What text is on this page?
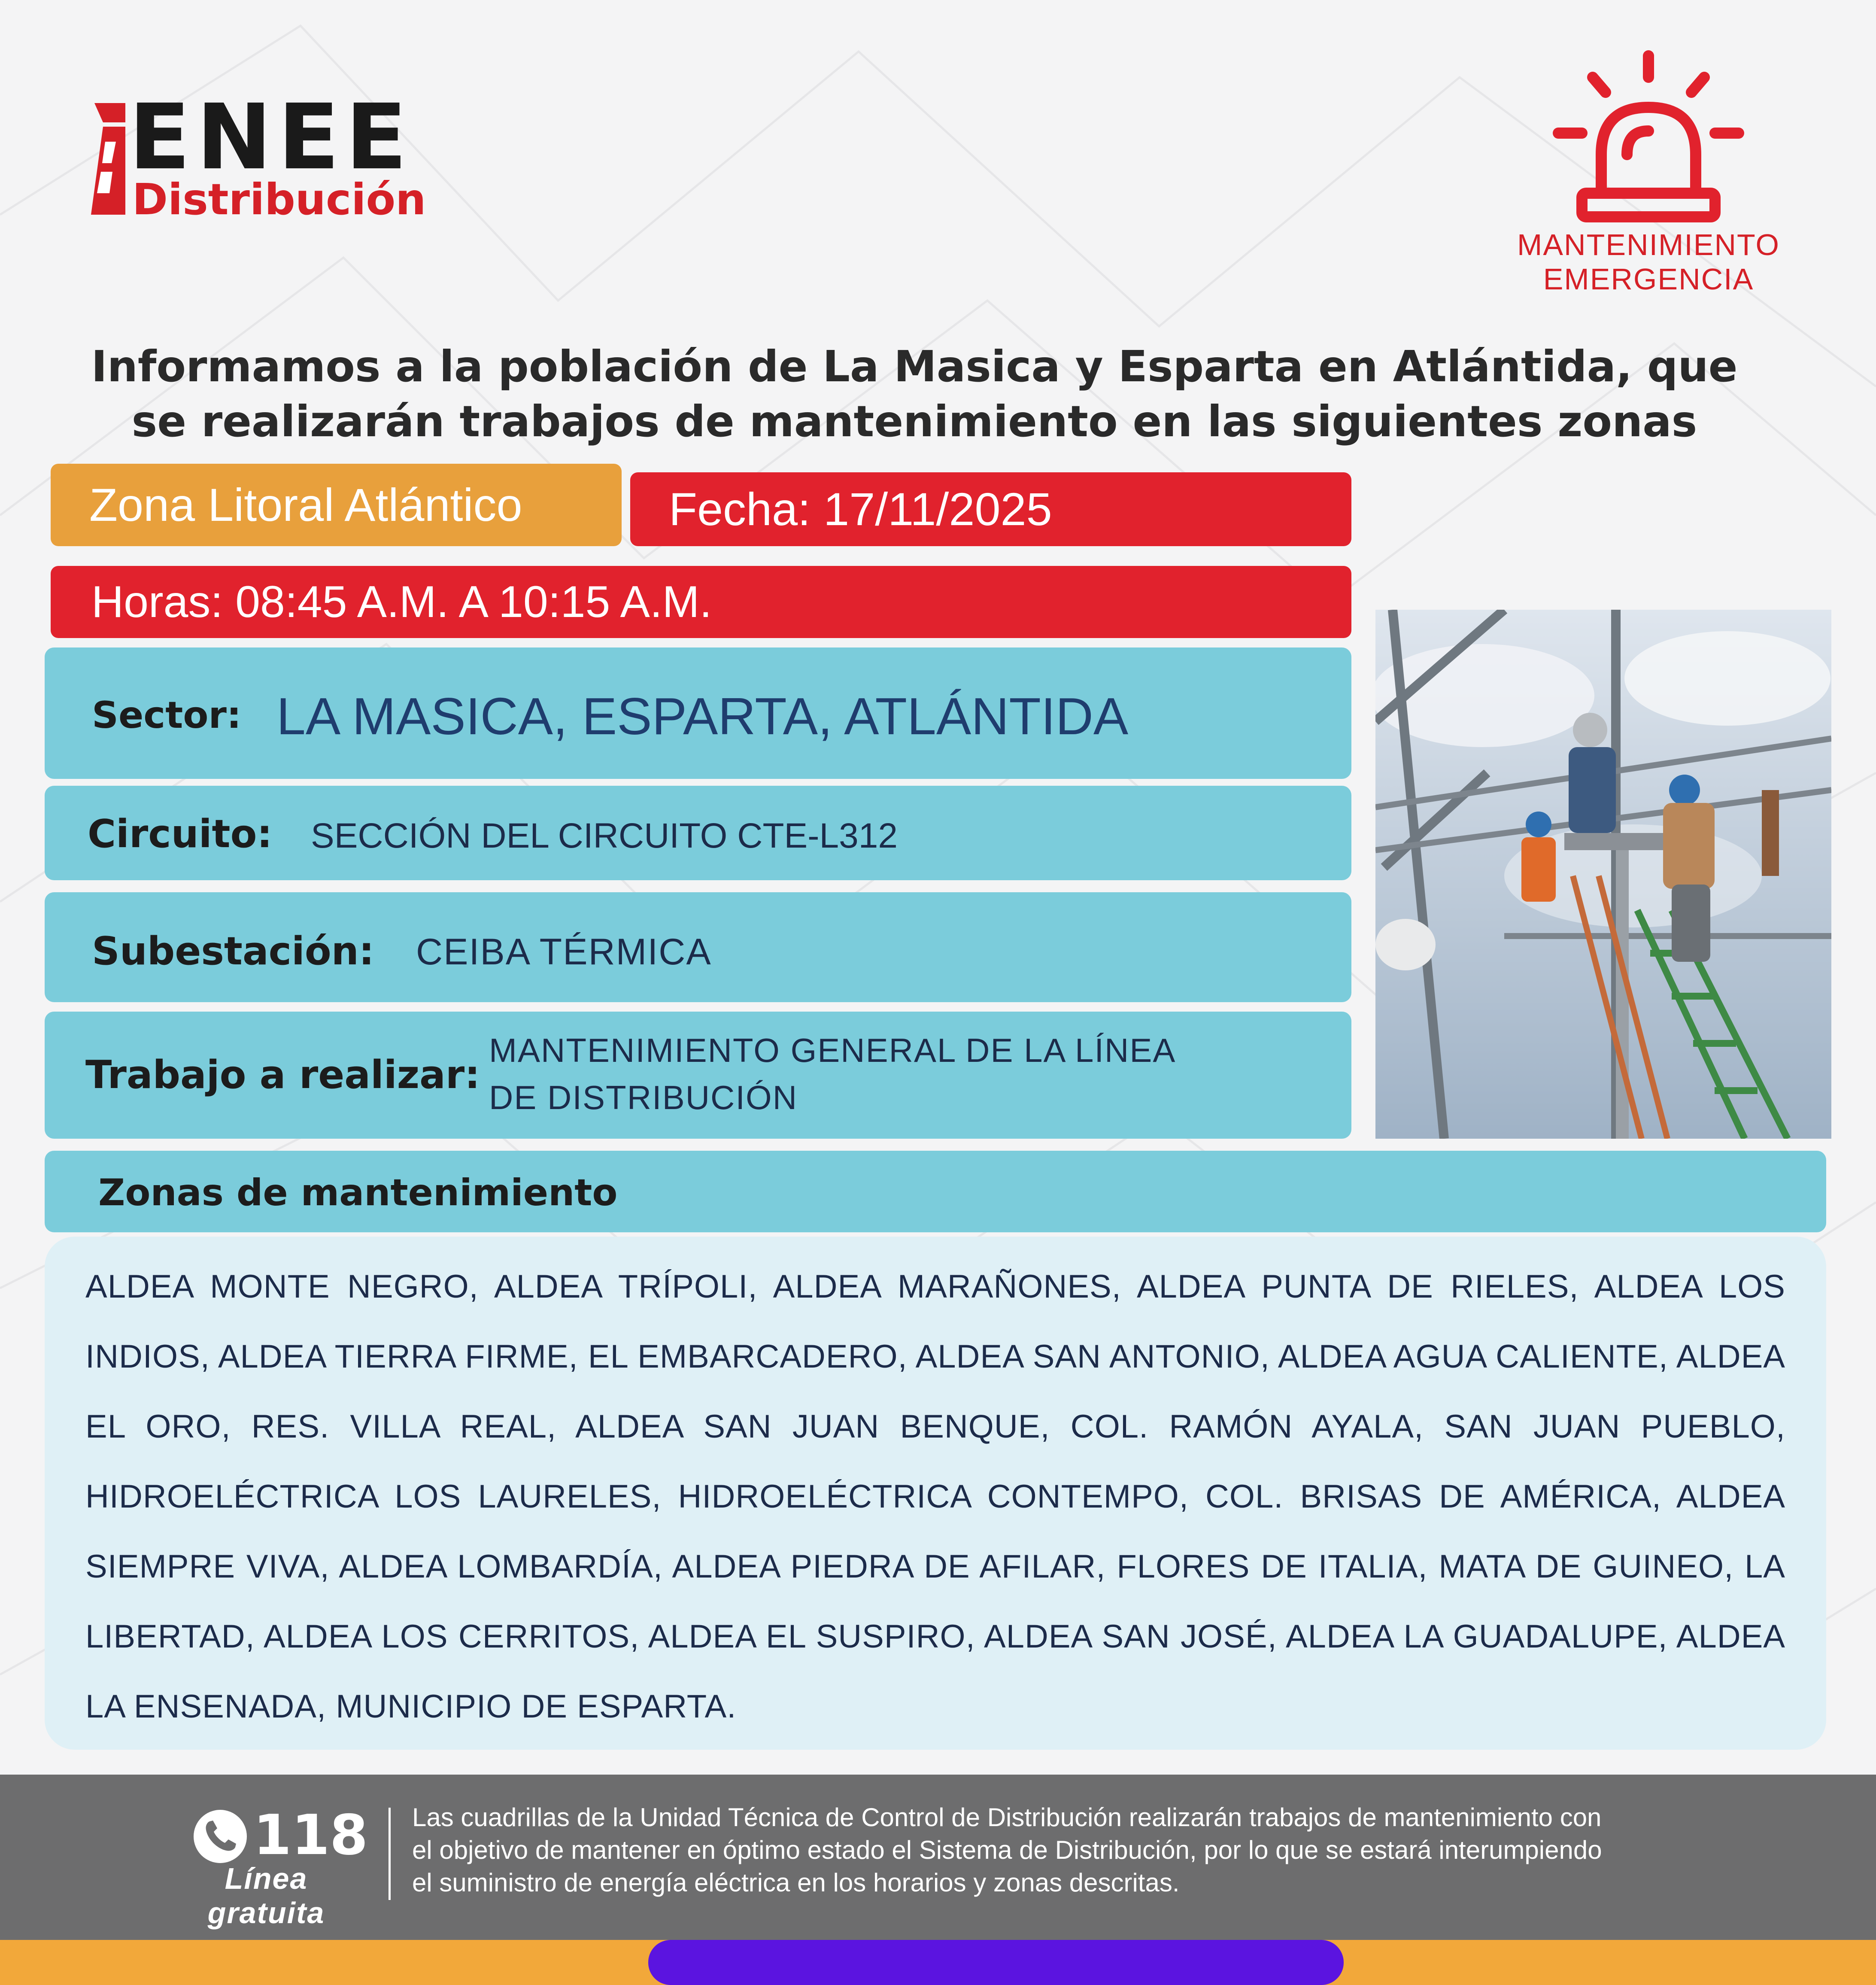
ENEE
Distribución
MANTENIMIENTO
EMERGENCIA
Informamos a la población de La Masica y Esparta en Atlántida, que
se realizarán trabajos de mantenimiento en las siguientes zonas
Zona Litoral Atlántico	Fecha: 17/11/2025
Horas: 08:45 A.M. A 10:15 A.M.
Sector: LA MASICA, ESPARTA, ATLÁNTIDA
Circuito: SECCIÓN DEL CIRCUITO CTE-L312
Subestación: CEIBA TÉRMICA
Trabajo a realizar:
MANTENIMIENTO GENERAL DE LA LÍNEA
DE DISTRIBUCIÓN
Zonas de mantenimiento

ALDEA MONTE NEGRO, ALDEA TRÍPOLI, ALDEA MARAÑONES, ALDEA PUNTA DE RIELES, ALDEA LOS INDIOS, ALDEA TIERRA FIRME, EL EMBARCADERO, ALDEA SAN ANTONIO, ALDEA AGUA CALIENTE, ALDEA EL ORO, RES. VILLA REAL, ALDEA SAN JUAN BENQUE, COL. RAMÓN AYALA, SAN JUAN PUEBLO, HIDROELÉCTRICA LOS LAURELES, HIDROELÉCTRICA CONTEMPO, COL. BRISAS DE AMÉRICA, ALDEA SIEMPRE VIVA, ALDEA LOMBARDÍA, ALDEA PIEDRA DE AFILAR, FLORES DE ITALIA, MATA DE GUINEO, LA LIBERTAD, ALDEA LOS CERRITOS, ALDEA EL SUSPIRO, ALDEA SAN JOSÉ, ALDEA LA GUADALUPE, ALDEA LA ENSENADA, MUNICIPIO DE ESPARTA.

118
Línea gratuita
Las cuadrillas de la Unidad Técnica de Control de Distribución realizarán trabajos de mantenimiento con
el objetivo de mantener en óptimo estado el Sistema de Distribución, por lo que se estará interumpiendo
el suministro de energía eléctrica en los horarios y zonas descritas.
